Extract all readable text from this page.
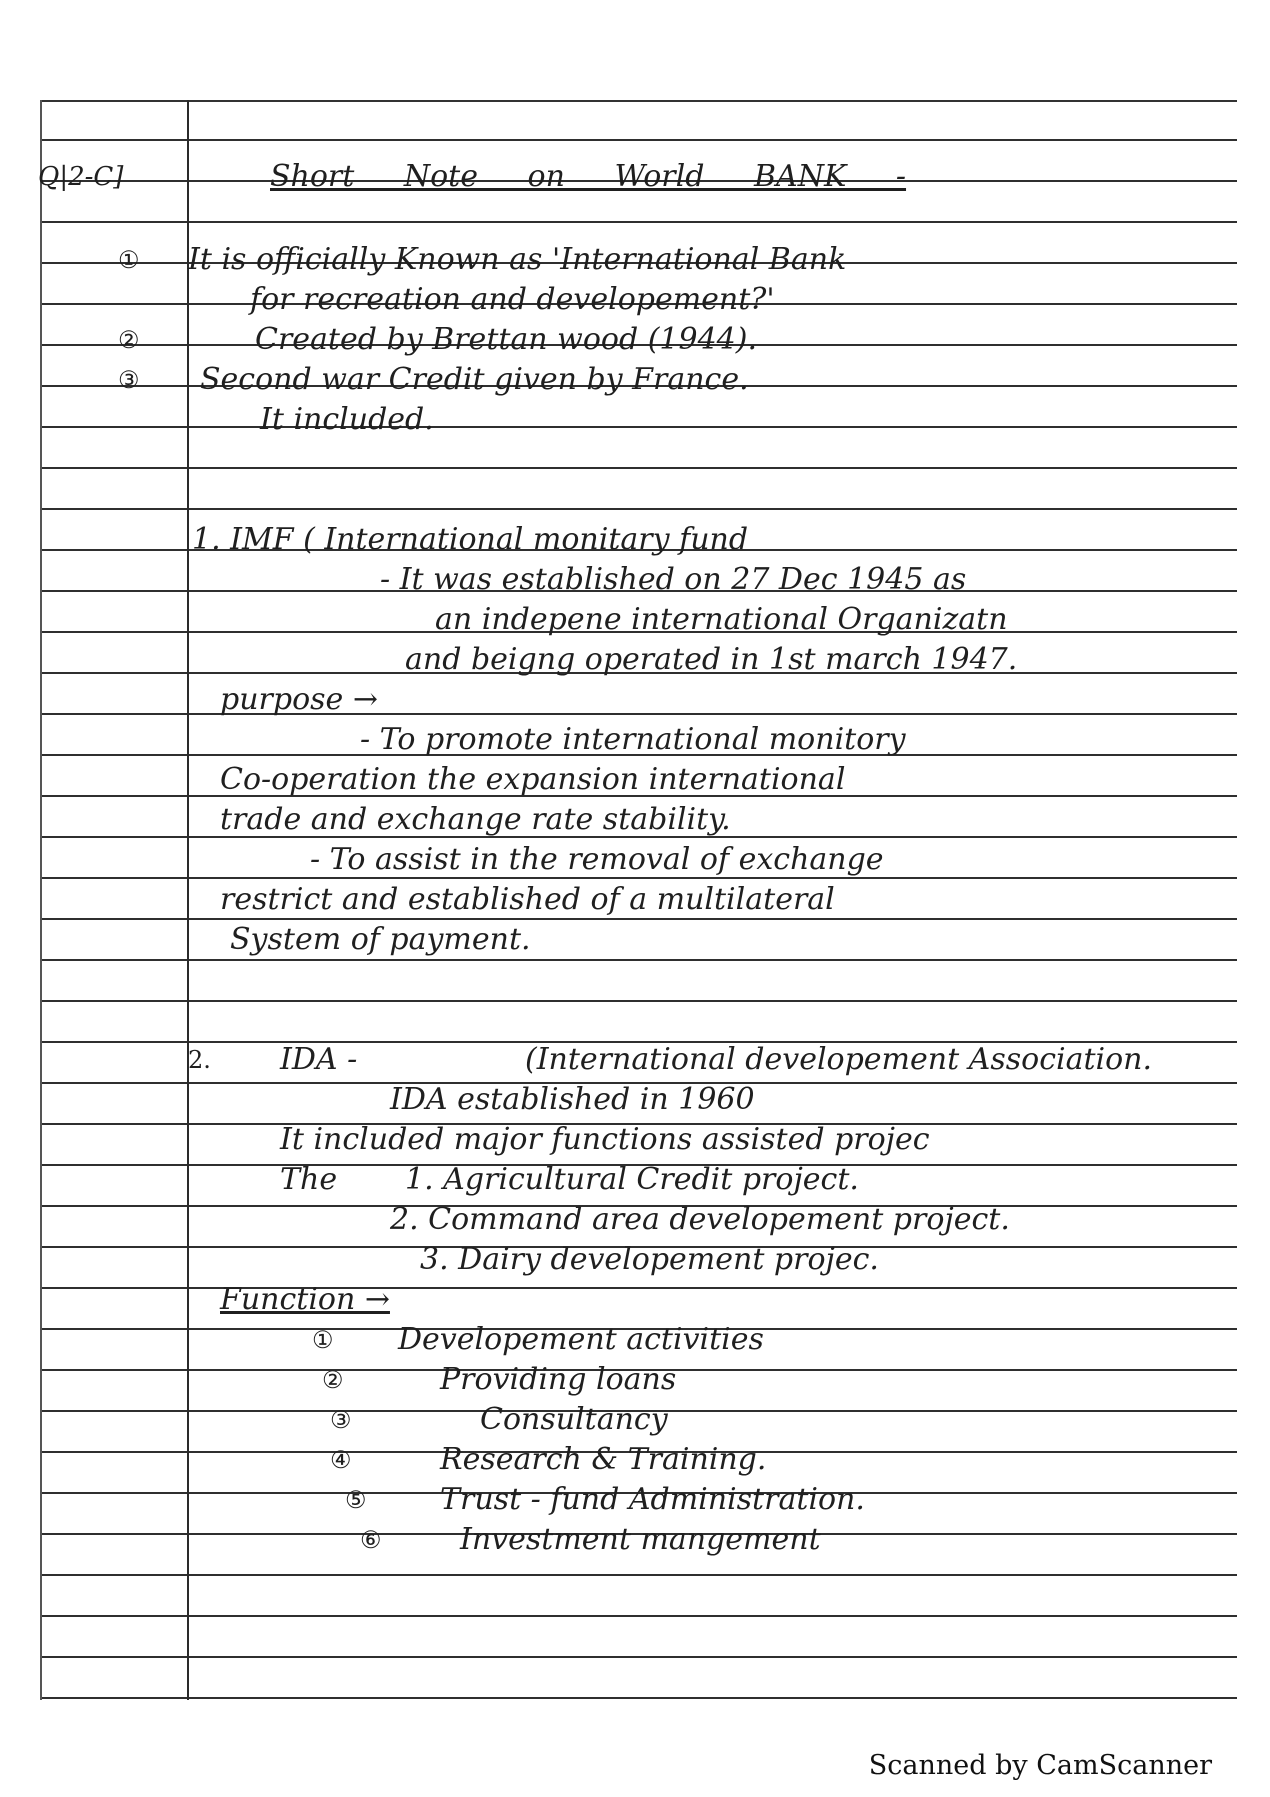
Q|2-C]	Short Note on World BANK -
① It is officially Known as 'International Bank
for recreation and developement?'
②	Created by Brettan wood (1944).
③ Second war Credit given by France.
It included.
1. IMF ( International monitary fund
- It was established on 27 Dec 1945 as
an indepene international Organizatn
and beigng operated in 1st march 1947.
purpose →
- To promote international monitory
Co-operation the expansion international
trade and exchange rate stability.
- To assist in the removal of exchange
restrict and established of a multilateral
System of payment.
2. IDA -	(International developement Association.
IDA established in 1960
It included major functions assisted projec
The 1. Agricultural Credit project.
2. Command area developement project.
3. Dairy developement projec.
Function →
① Developement activities
②	Providing loans
③	Consultancy
④	Research & Training.
⑤ Trust - fund Administration.
⑥	Investment mangement
Scanned by CamScanner
